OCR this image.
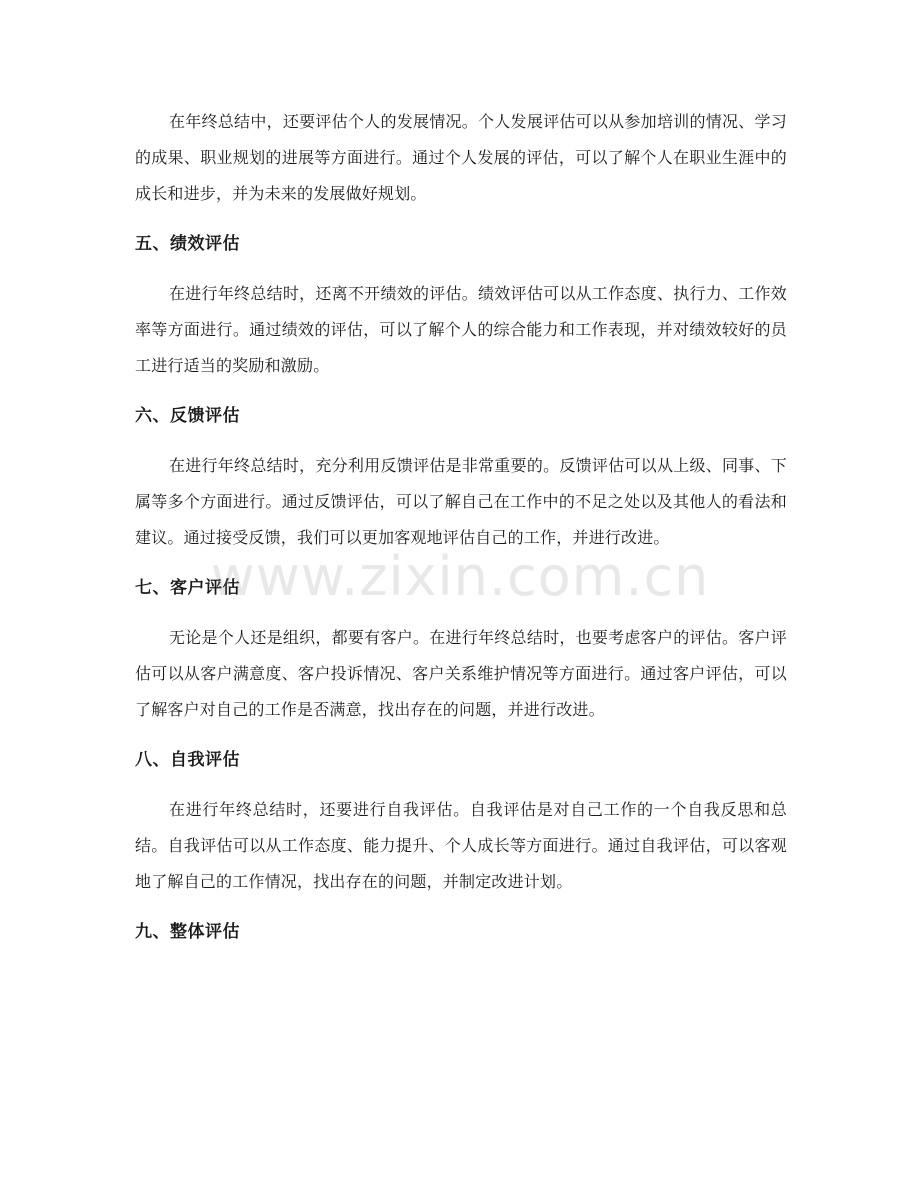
在年终总结中，还要评估个人的发展情况。个人发展评估可以从参加培训的情况、学习的成果、职业规划的进展等方面进行。通过个人发展的评估，可以了解个人在职业生涯中的成长和进步，并为未来的发展做好规划。

五、绩效评估

在进行年终总结时，还离不开绩效的评估。绩效评估可以从工作态度、执行力、工作效率等方面进行。通过绩效的评估，可以了解个人的综合能力和工作表现，并对绩效较好的员工进行适当的奖励和激励。

六、反馈评估

在进行年终总结时，充分利用反馈评估是非常重要的。反馈评估可以从上级、同事、下属等多个方面进行。通过反馈评估，可以了解自己在工作中的不足之处以及其他人的看法和建议。通过接受反馈，我们可以更加客观地评估自己的工作，并进行改进。

七、客户评估

无论是个人还是组织，都要有客户。在进行年终总结时，也要考虑客户的评估。客户评估可以从客户满意度、客户投诉情况、客户关系维护情况等方面进行。通过客户评估，可以了解客户对自己的工作是否满意，找出存在的问题，并进行改进。

八、自我评估

在进行年终总结时，还要进行自我评估。自我评估是对自己工作的一个自我反思和总结。自我评估可以从工作态度、能力提升、个人成长等方面进行。通过自我评估，可以客观地了解自己的工作情况，找出存在的问题，并制定改进计划。

九、整体评估
www.zixin.com.cn
